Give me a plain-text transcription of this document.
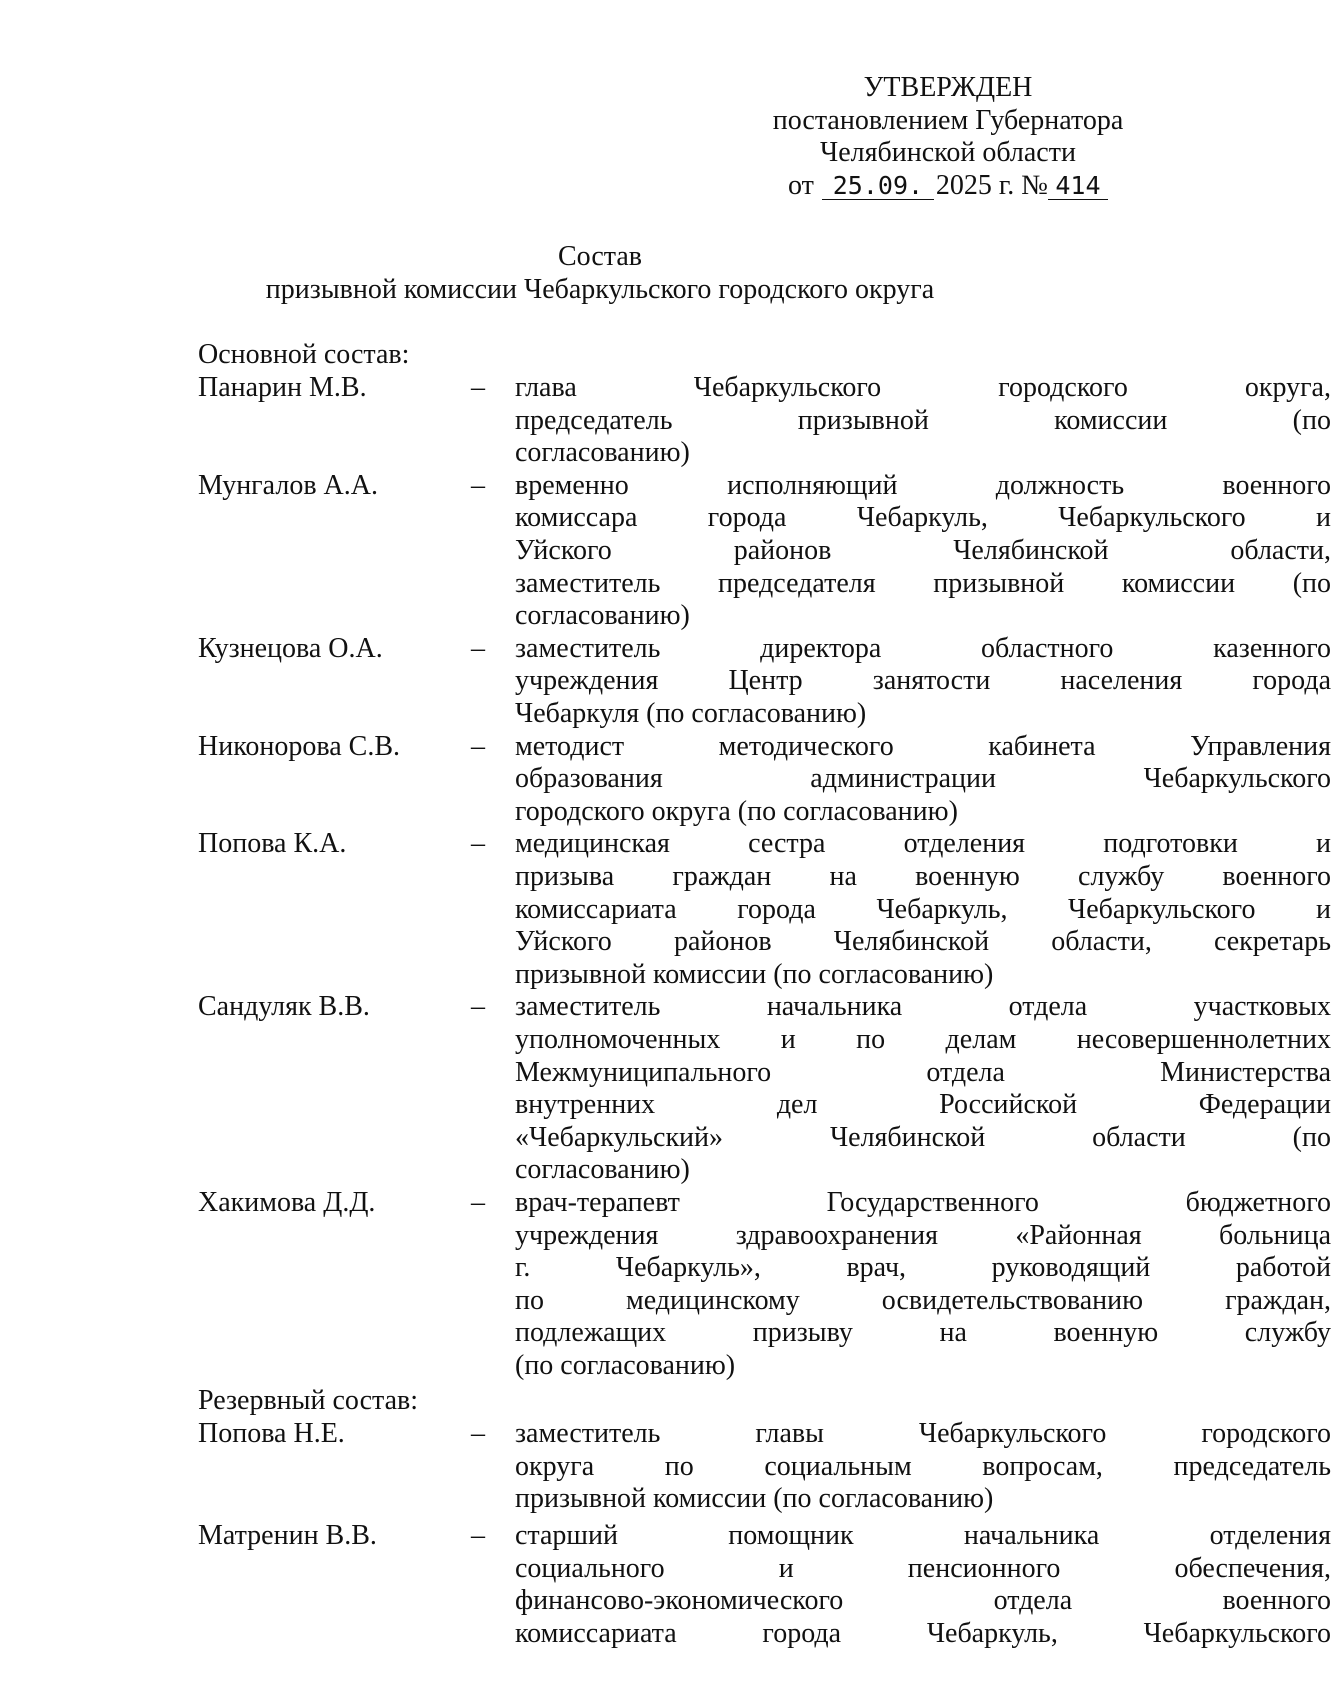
УТВЕРЖДЕН
постановлением Губернатора
Челябинской области
от 25.09. 2025 г. № 414
Состав
призывной комиссии Чебаркульского городского округа
Основной состав:
Панарин М.В.	– глава Чебаркульского городского округа,
председатель призывной комиссии (по
согласованию)
Мунгалов А.А.	– временно исполняющий должность военного
комиссара города Чебаркуль, Чебаркульского и
Уйского районов Челябинской области,
заместитель председателя призывной комиссии (по
согласованию)
Кузнецова О.А.	– заместитель директора областного казенного
учреждения Центр занятости населения города
Чебаркуля (по согласованию)
Никонорова С.В.	– методист методического кабинета Управления
образования администрации Чебаркульского
городского округа (по согласованию)
Попова К.А.	– медицинская сестра отделения подготовки и
призыва граждан на военную службу военного
комиссариата города Чебаркуль, Чебаркульского и
Уйского районов Челябинской области, секретарь
призывной комиссии (по согласованию)
Сандуляк В.В.	– заместитель начальника отдела участковых
уполномоченных и по делам несовершеннолетних
Межмуниципального отдела Министерства
внутренних дел Российской Федерации
«Чебаркульский» Челябинской области (по
согласованию)
Хакимова Д.Д.	– врач-терапевт Государственного бюджетного
учреждения здравоохранения «Районная больница
г. Чебаркуль», врач, руководящий работой
по медицинскому освидетельствованию граждан,
подлежащих призыву на военную службу
(по согласованию)
Резервный состав:
Попова Н.Е.	– заместитель главы Чебаркульского городского
округа по социальным вопросам, председатель
призывной комиссии (по согласованию)
Матренин В.В.	– старший помощник начальника отделения
социального и пенсионного обеспечения,
финансово-экономического отдела военного
комиссариата города Чебаркуль, Чебаркульского
